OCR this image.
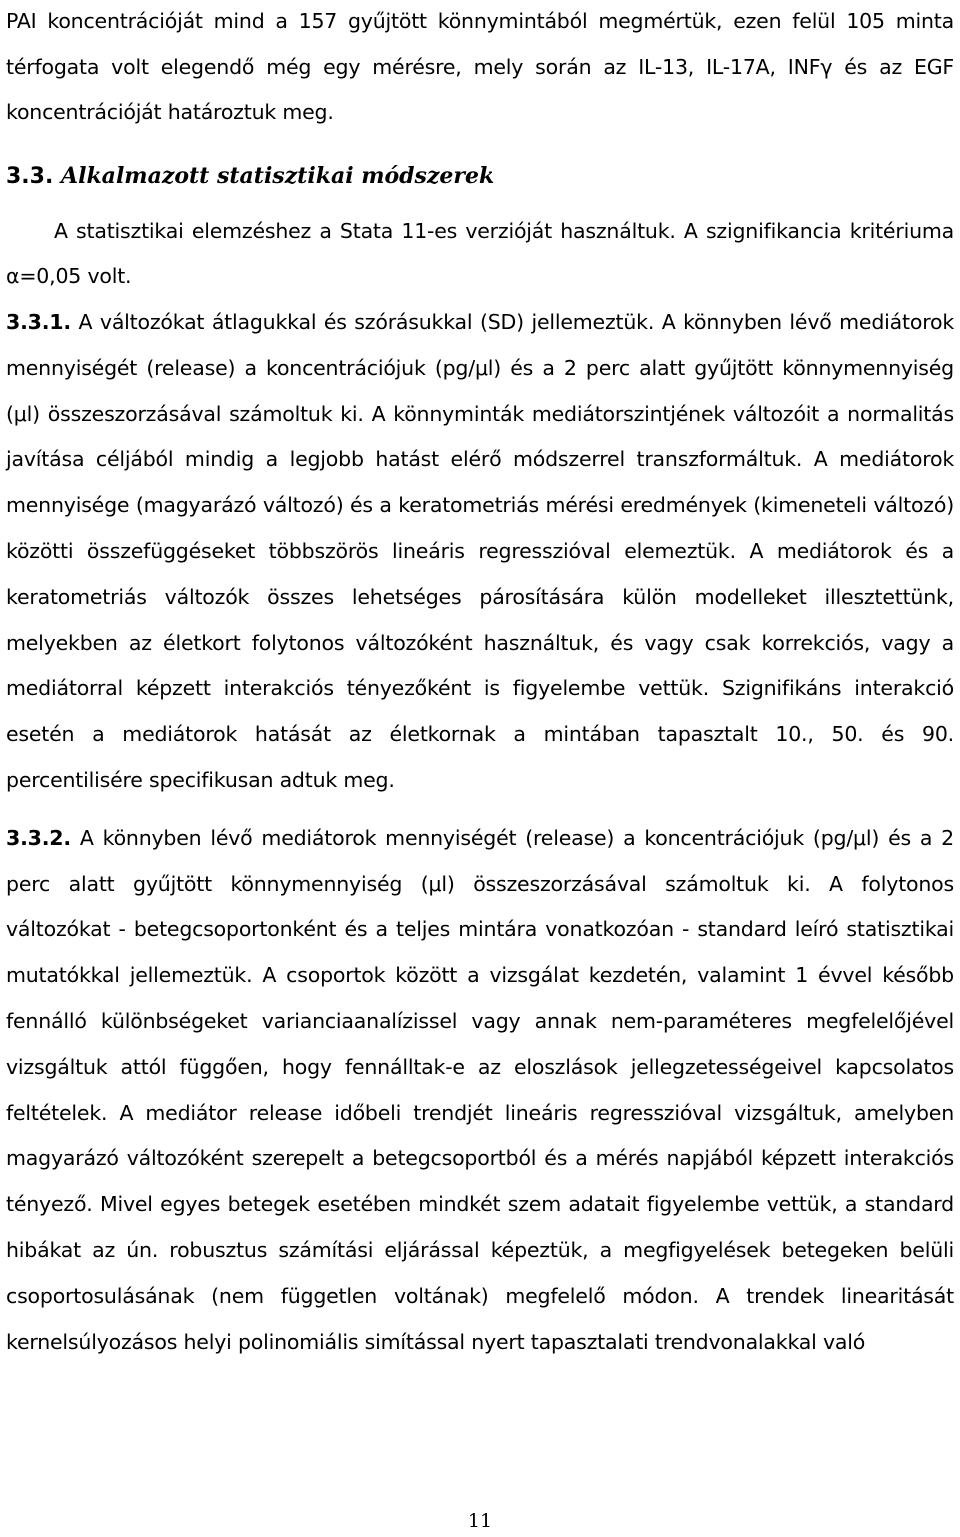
PAI koncentrációját mind a 157 gyűjtött könnymintából megmértük, ezen felül 105 minta térfogata volt elegendő még egy mérésre, mely során az IL-13, IL-17A, INFγ és az EGF koncentrációját határoztuk meg.

3.3. Alkalmazott statisztikai módszerek

A statisztikai elemzéshez a Stata 11-es verzióját használtuk. A szignifikancia kritériuma α=0,05 volt.

3.3.1. A változókat átlagukkal és szórásukkal (SD) jellemeztük. A könnyben lévő mediátorok mennyiségét (release) a koncentrációjuk (pg/μl) és a 2 perc alatt gyűjtött könnymennyiség (μl) összeszorzásával számoltuk ki. A könnyminták mediátorszintjének változóit a normalitás javítása céljából mindig a legjobb hatást elérő módszerrel transzformáltuk. A mediátorok mennyisége (magyarázó változó) és a keratometriás mérési eredmények (kimeneteli változó) közötti összefüggéseket többszörös lineáris regresszióval elemeztük. A mediátorok és a keratometriás változók összes lehetséges párosítására külön modelleket illesztettünk, melyekben az életkort folytonos változóként használtuk, és vagy csak korrekciós, vagy a mediátorral képzett interakciós tényezőként is figyelembe vettük. Szignifikáns interakció esetén a mediátorok hatását az életkornak a mintában tapasztalt 10., 50. és 90. percentilisére specifikusan adtuk meg.

3.3.2. A könnyben lévő mediátorok mennyiségét (release) a koncentrációjuk (pg/μl) és a 2 perc alatt gyűjtött könnymennyiség (μl) összeszorzásával számoltuk ki. A folytonos változókat - betegcsoportonként és a teljes mintára vonatkozóan - standard leíró statisztikai mutatókkal jellemeztük. A csoportok között a vizsgálat kezdetén, valamint 1 évvel később fennálló különbségeket varianciaanalízissel vagy annak nem-paraméteres megfelelőjével vizsgáltuk attól függően, hogy fennálltak-e az eloszlások jellegzetességeivel kapcsolatos feltételek. A mediátor release időbeli trendjét lineáris regresszióval vizsgáltuk, amelyben magyarázó változóként szerepelt a betegcsoportból és a mérés napjából képzett interakciós tényező. Mivel egyes betegek esetében mindkét szem adatait figyelembe vettük, a standard hibákat az ún. robusztus számítási eljárással képeztük, a megfigyelések betegeken belüli csoportosulásának (nem független voltának) megfelelő módon. A trendek linearitását kernelsúlyozásos helyi polinomiális simítással nyert tapasztalati trendvonalakkal való

11
